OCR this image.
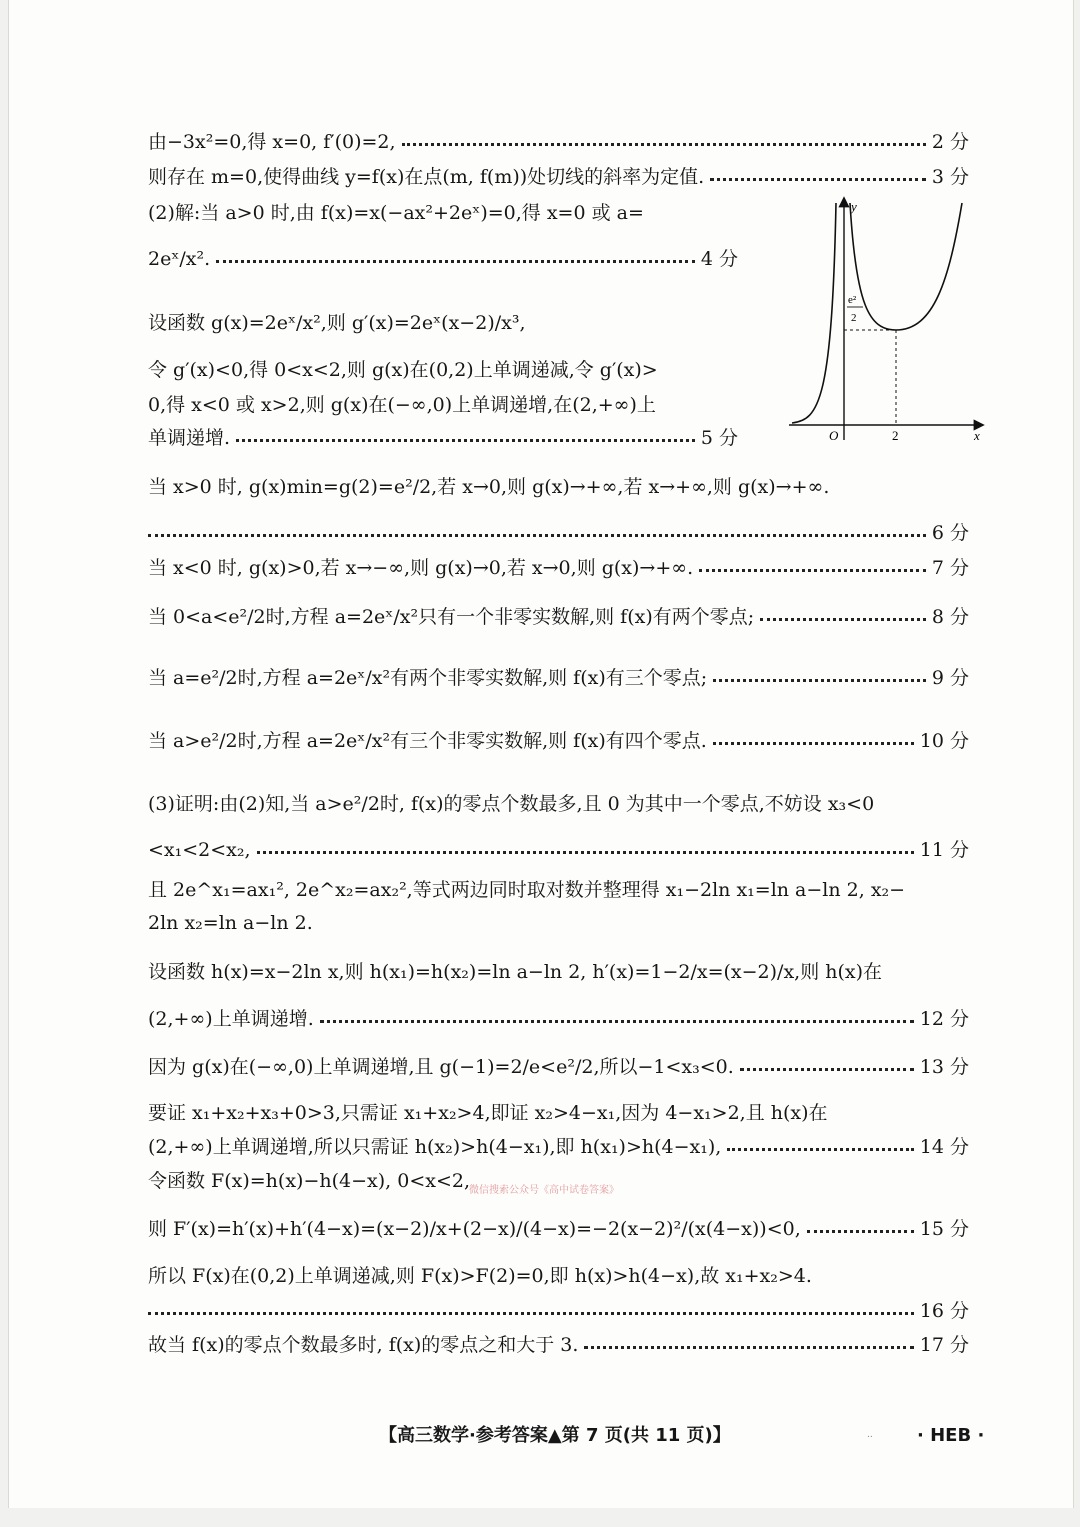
由−3x²=0,得 x=0, f′(0)=2,	2 分
则存在 m=0,使得曲线 y=f(x)在点(m, f(m))处切线的斜率为定值.	3 分
(2)解:当 a>0 时,由 f(x)=x(−ax²+2eˣ)=0,得 x=0 或 a=
2eˣ/x².	4 分
设函数 g(x)=2eˣ/x²,则 g′(x)=2eˣ(x−2)/x³,
令 g′(x)<0,得 0<x<2,则 g(x)在(0,2)上单调递减,令 g′(x)>
0,得 x<0 或 x>2,则 g(x)在(−∞,0)上单调递增,在(2,+∞)上
单调递增.	5 分
当 x>0 时, g(x)min=g(2)=e²/2,若 x→0,则 g(x)→+∞,若 x→+∞,则 g(x)→+∞.
6 分
当 x<0 时, g(x)>0,若 x→−∞,则 g(x)→0,若 x→0,则 g(x)→+∞.	7 分
当 0<a<e²/2时,方程 a=2eˣ/x²只有一个非零实数解,则 f(x)有两个零点;	8 分
当 a=e²/2时,方程 a=2eˣ/x²有两个非零实数解,则 f(x)有三个零点;	9 分
当 a>e²/2时,方程 a=2eˣ/x²有三个非零实数解,则 f(x)有四个零点.	10 分
(3)证明:由(2)知,当 a>e²/2时, f(x)的零点个数最多,且 0 为其中一个零点,不妨设 x₃<0
<x₁<2<x₂,	11 分
且 2e^x₁=ax₁², 2e^x₂=ax₂²,等式两边同时取对数并整理得 x₁−2ln x₁=ln a−ln 2, x₂−
2ln x₂=ln a−ln 2.
设函数 h(x)=x−2ln x,则 h(x₁)=h(x₂)=ln a−ln 2, h′(x)=1−2/x=(x−2)/x,则 h(x)在
(2,+∞)上单调递增.	12 分
因为 g(x)在(−∞,0)上单调递增,且 g(−1)=2/e<e²/2,所以−1<x₃<0.	13 分
要证 x₁+x₂+x₃+0>3,只需证 x₁+x₂>4,即证 x₂>4−x₁,因为 4−x₁>2,且 h(x)在
(2,+∞)上单调递增,所以只需证 h(x₂)>h(4−x₁),即 h(x₁)>h(4−x₁),	14 分
令函数 F(x)=h(x)−h(4−x), 0<x<2,
则 F′(x)=h′(x)+h′(4−x)=(x−2)/x+(2−x)/(4−x)=−2(x−2)²/(x(4−x))<0,	15 分
所以 F(x)在(0,2)上单调递减,则 F(x)>F(2)=0,即 h(x)>h(4−x),故 x₁+x₂>4.
16 分
故当 f(x)的零点个数最多时, f(x)的零点之和大于 3.	17 分
y
x
O	2
e²
2
微信搜索公众号《高中试卷答案》
【高三数学·参考答案▲第 7 页(共 11 页)】	.. · HEB ·
